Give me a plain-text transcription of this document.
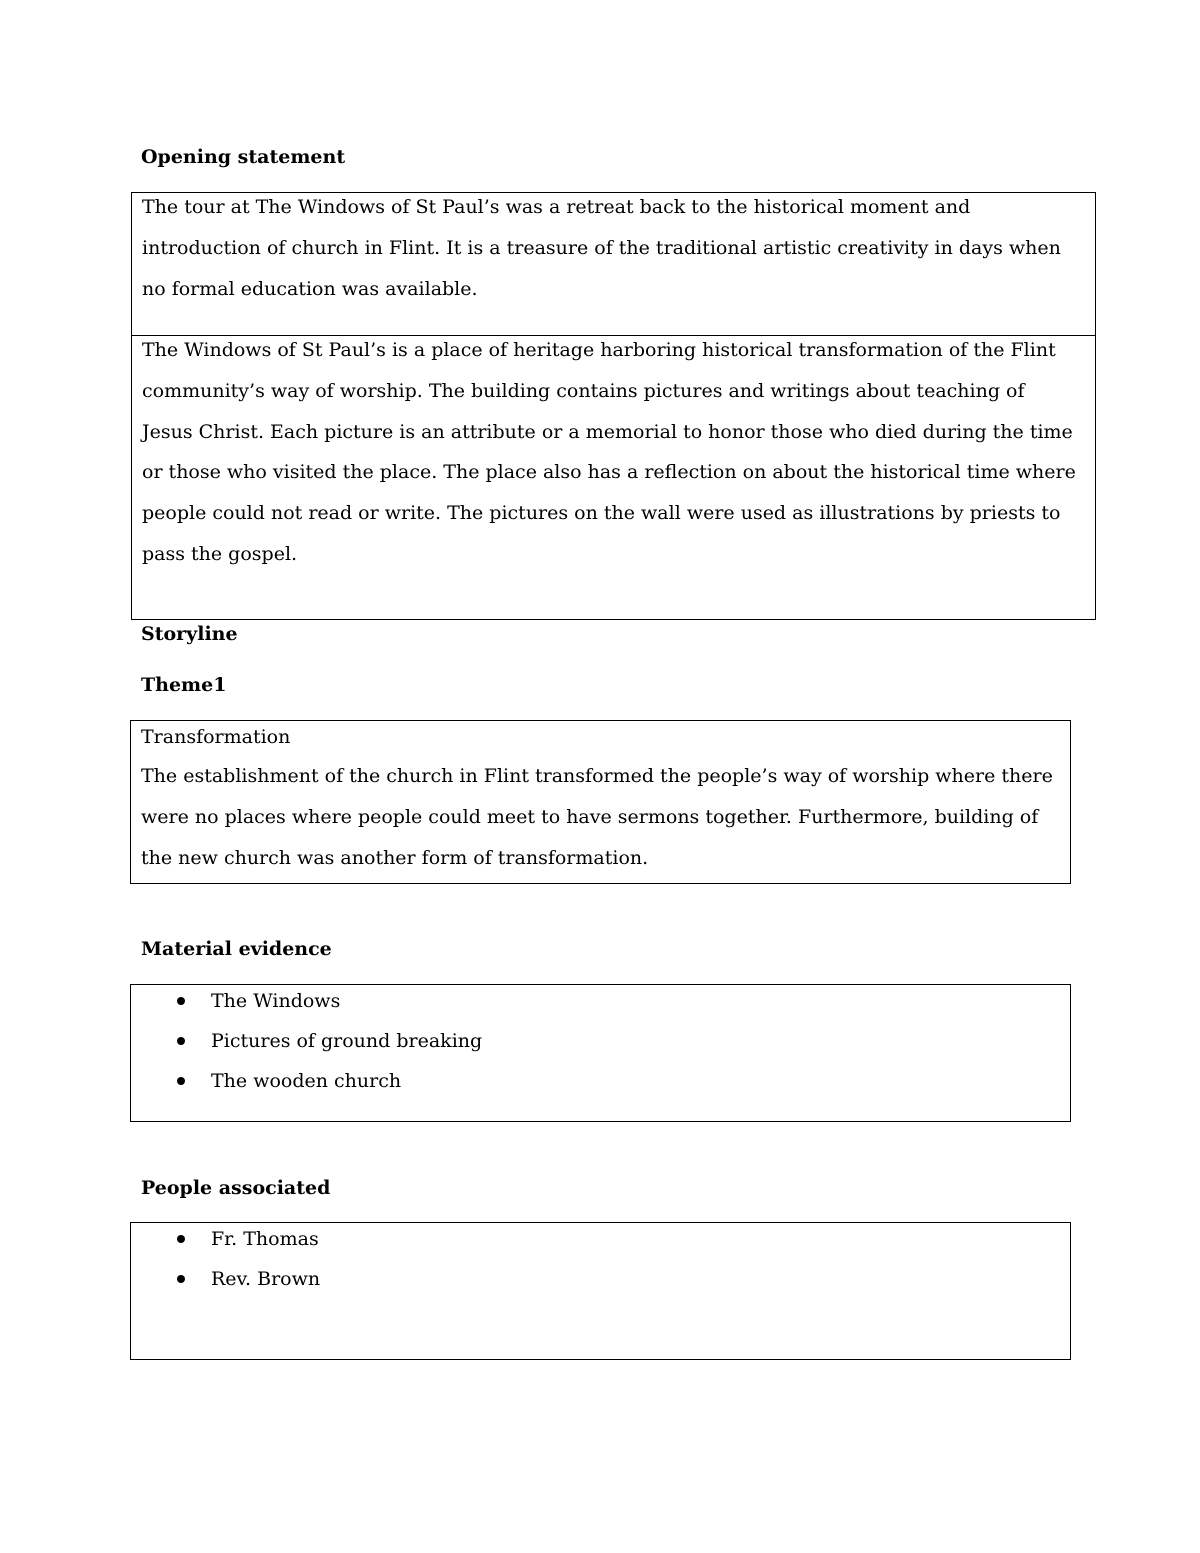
Opening statement

The tour at The Windows of St Paul’s was a retreat back to the historical moment and introduction of church in Flint. It is a treasure of the traditional artistic creativity in days when no formal education was available.

The Windows of St Paul’s is a place of heritage harboring historical transformation of the Flint community’s way of worship. The building contains pictures and writings about teaching of Jesus Christ. Each picture is an attribute or a memorial to honor those who died during the time or those who visited the place. The place also has a reflection on about the historical time where people could not read or write. The pictures on the wall were used as illustrations by priests to pass the gospel.

Storyline
Theme1

Transformation

The establishment of the church in Flint transformed the people’s way of worship where there were no places where people could meet to have sermons together. Furthermore, building of the new church was another form of transformation.

Material evidence
The Windows
Pictures of ground breaking
The wooden church
People associated
Fr. Thomas
Rev. Brown
